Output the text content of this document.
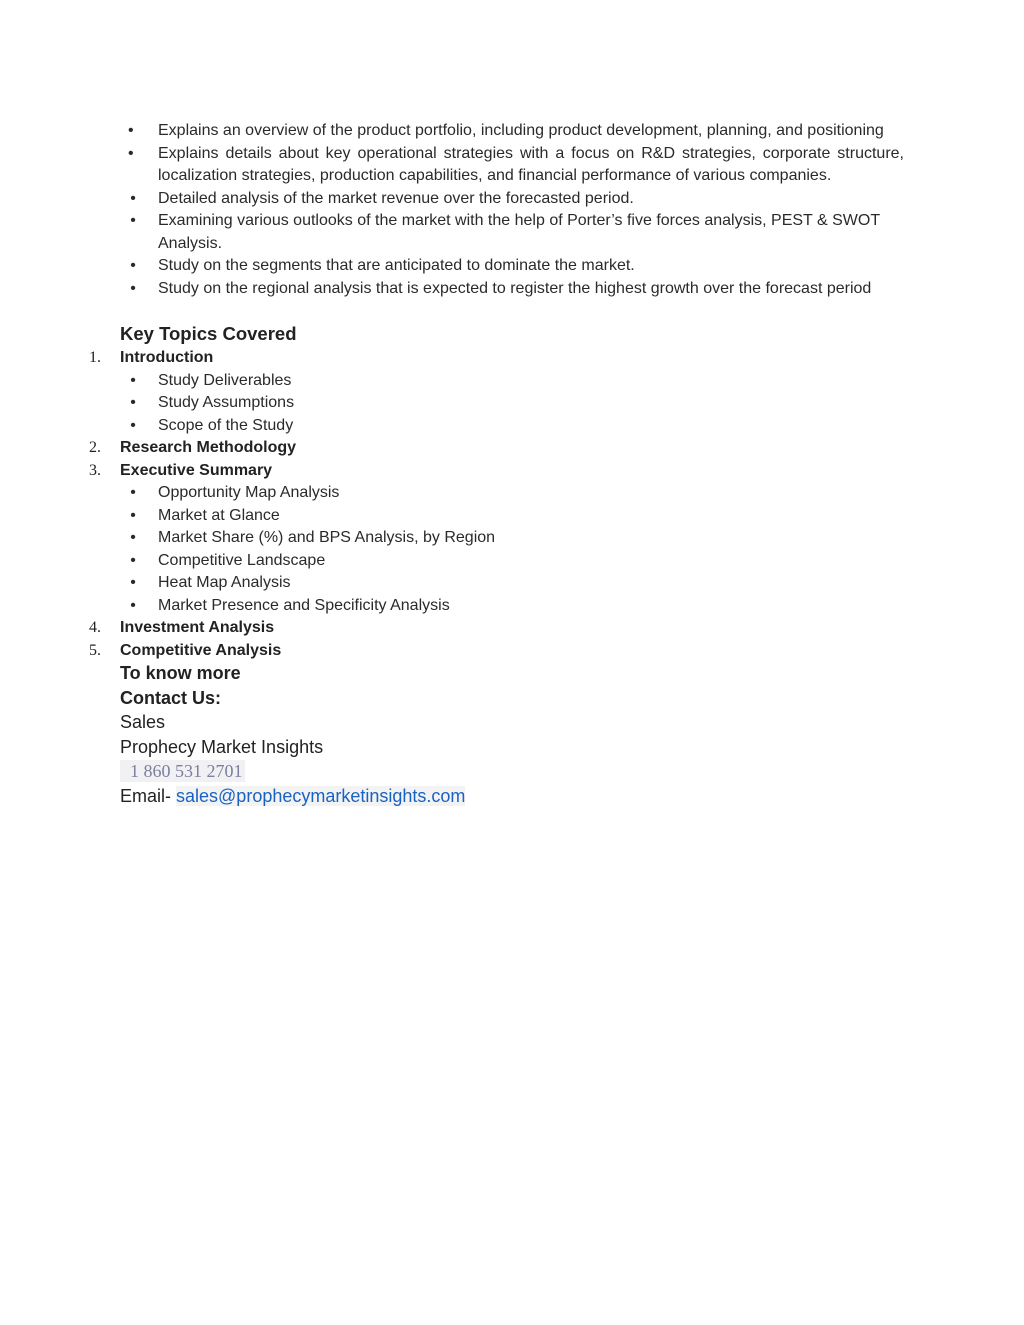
• Explains an overview of the product portfolio, including product development, planning, and positioning
• Explains details about key operational strategies with a focus on R&D strategies, corporate structure, localization strategies, production capabilities, and financial performance of various companies.
• Detailed analysis of the market revenue over the forecasted period.
• Examining various outlooks of the market with the help of Porter’s five forces analysis, PEST & SWOT Analysis.
• Study on the segments that are anticipated to dominate the market.
• Study on the regional analysis that is expected to register the highest growth over the forecast period
Key Topics Covered
1. Introduction
• Study Deliverables
• Study Assumptions
• Scope of the Study
2. Research Methodology
3. Executive Summary
• Opportunity Map Analysis
• Market at Glance
• Market Share (%) and BPS Analysis, by Region
• Competitive Landscape
• Heat Map Analysis
• Market Presence and Specificity Analysis
4. Investment Analysis
5. Competitive Analysis
To know more
Contact Us:
Sales
Prophecy Market Insights
1 860 531 2701
Email- sales@prophecymarketinsights.com
